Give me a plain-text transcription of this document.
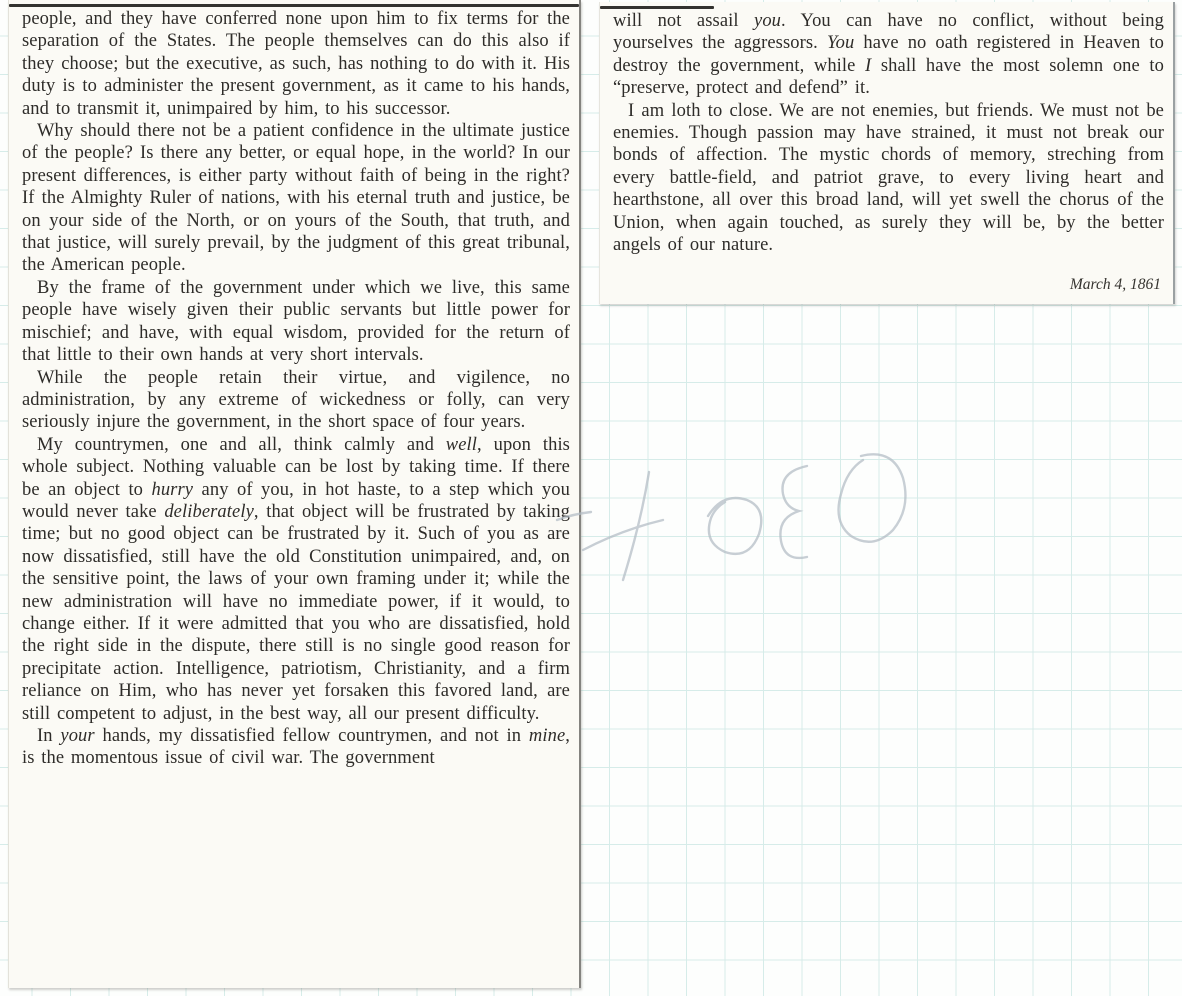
people, and they have conferred none upon him to fix terms for the separation of the States. The people themselves can do this also if they choose; but the executive, as such, has nothing to do with it. His duty is to administer the present government, as it came to his hands, and to transmit it, unimpaired by him, to his successor.

Why should there not be a patient confidence in the ultimate justice of the people? Is there any better, or equal hope, in the world? In our present differences, is either party without faith of being in the right? If the Almighty Ruler of nations, with his eternal truth and justice, be on your side of the North, or on yours of the South, that truth, and that justice, will surely prevail, by the judgment of this great tribunal, the American people.

By the frame of the government under which we live, this same people have wisely given their public servants but little power for mischief; and have, with equal wisdom, provided for the return of that little to their own hands at very short intervals.

While the people retain their virtue, and vigilence, no administration, by any extreme of wickedness or folly, can very seriously injure the government, in the short space of four years.

My countrymen, one and all, think calmly and well, upon this whole subject. Nothing valuable can be lost by taking time. If there be an object to hurry any of you, in hot haste, to a step which you would never take deliberately, that object will be frustrated by taking time; but no good object can be frustrated by it. Such of you as are now dissatisfied, still have the old Constitution unimpaired, and, on the sensitive point, the laws of your own framing under it; while the new administration will have no immediate power, if it would, to change either. If it were admitted that you who are dissatisfied, hold the right side in the dispute, there still is no single good reason for precipitate action. Intelligence, patriotism, Christianity, and a firm reliance on Him, who has never yet forsaken this favored land, are still competent to adjust, in the best way, all our present difficulty.

In your hands, my dissatisfied fellow countrymen, and not in mine, is the momentous issue of civil war. The government

will not assail you. You can have no conflict, without being yourselves the aggressors. You have no oath registered in Heaven to destroy the government, while I shall have the most solemn one to “preserve, protect and defend” it.

I am loth to close. We are not enemies, but friends. We must not be enemies. Though passion may have strained, it must not break our bonds of affection. The mystic chords of memory, streching from every battle-field, and patriot grave, to every living heart and hearthstone, all over this broad land, will yet swell the chorus of the Union, when again touched, as surely they will be, by the better angels of our nature.

March 4, 1861
